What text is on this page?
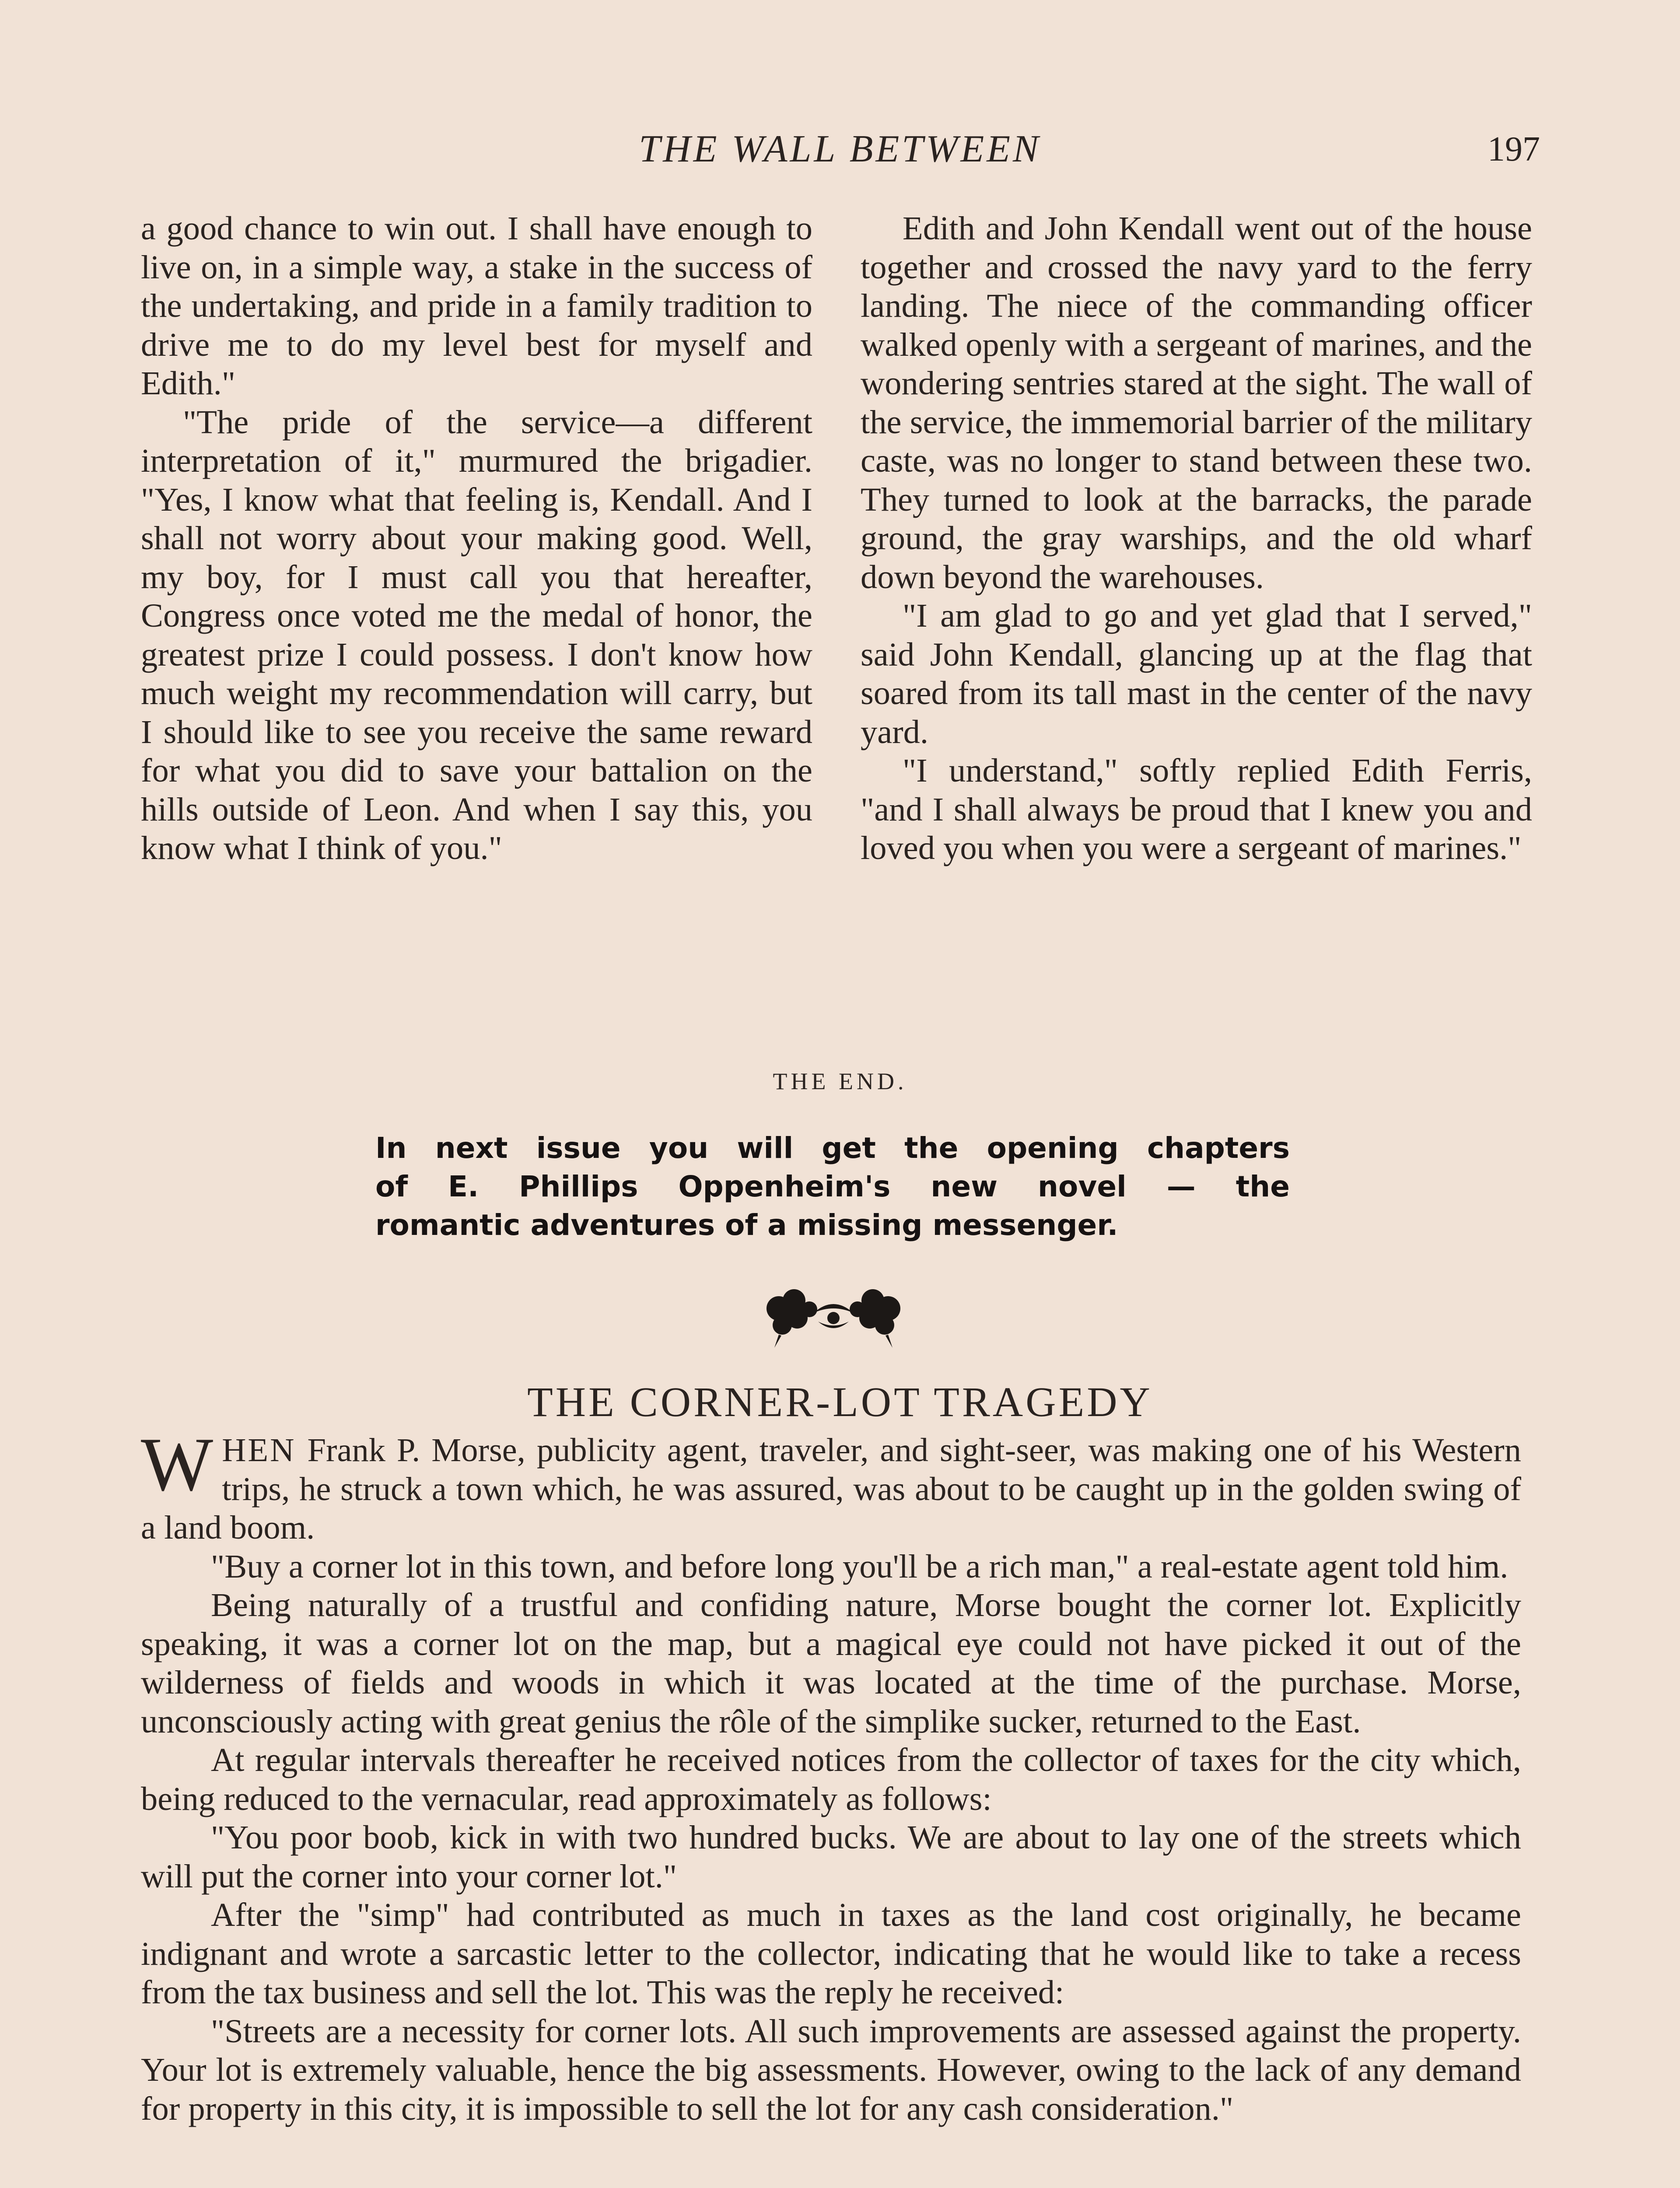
THE WALL BETWEEN	197

a good chance to win out. I shall have enough to live on, in a simple way, a stake in the success of the undertaking, and pride in a family tradition to drive me to do my level best for myself and Edith."

"The pride of the service—a different interpretation of it," murmured the brigadier. "Yes, I know what that feeling is, Kendall. And I shall not worry about your making good. Well, my boy, for I must call you that hereafter, Congress once voted me the medal of honor, the greatest prize I could possess. I don't know how much weight my recommendation will carry, but I should like to see you receive the same reward for what you did to save your battalion on the hills outside of Leon. And when I say this, you know what I think of you."

Edith and John Kendall went out of the house together and crossed the navy yard to the ferry landing. The niece of the commanding officer walked openly with a sergeant of marines, and the wondering sentries stared at the sight. The wall of the service, the immemorial barrier of the military caste, was no longer to stand between these two. They turned to look at the barracks, the parade ground, the gray warships, and the old wharf down beyond the warehouses.

"I am glad to go and yet glad that I served," said John Kendall, glancing up at the flag that soared from its tall mast in the center of the navy yard.

"I understand," softly replied Edith Ferris, "and I shall always be proud that I knew you and loved you when you were a sergeant of marines."

THE END.
In next issue you will get the opening chapters
of E. Phillips Oppenheim's new novel — the
romantic adventures of a missing messenger.
THE CORNER-LOT TRAGEDY

WHEN Frank P. Morse, publicity agent, traveler, and sight-seer, was making one of his Western trips, he struck a town which, he was assured, was about to be caught up in the golden swing of a land boom.

"Buy a corner lot in this town, and before long you'll be a rich man," a real-estate agent told him.

Being naturally of a trustful and confiding nature, Morse bought the corner lot. Explicitly speaking, it was a corner lot on the map, but a magical eye could not have picked it out of the wilderness of fields and woods in which it was located at the time of the purchase. Morse, unconsciously acting with great genius the rôle of the simplike sucker, returned to the East.

At regular intervals thereafter he received notices from the collector of taxes for the city which, being reduced to the vernacular, read approximately as follows:

"You poor boob, kick in with two hundred bucks. We are about to lay one of the streets which will put the corner into your corner lot."

After the "simp" had contributed as much in taxes as the land cost originally, he became indignant and wrote a sarcastic letter to the collector, indicating that he would like to take a recess from the tax business and sell the lot. This was the reply he received:

"Streets are a necessity for corner lots. All such improvements are assessed against the property. Your lot is extremely valuable, hence the big assessments. However, owing to the lack of any demand for property in this city, it is impossible to sell the lot for any cash consideration."
